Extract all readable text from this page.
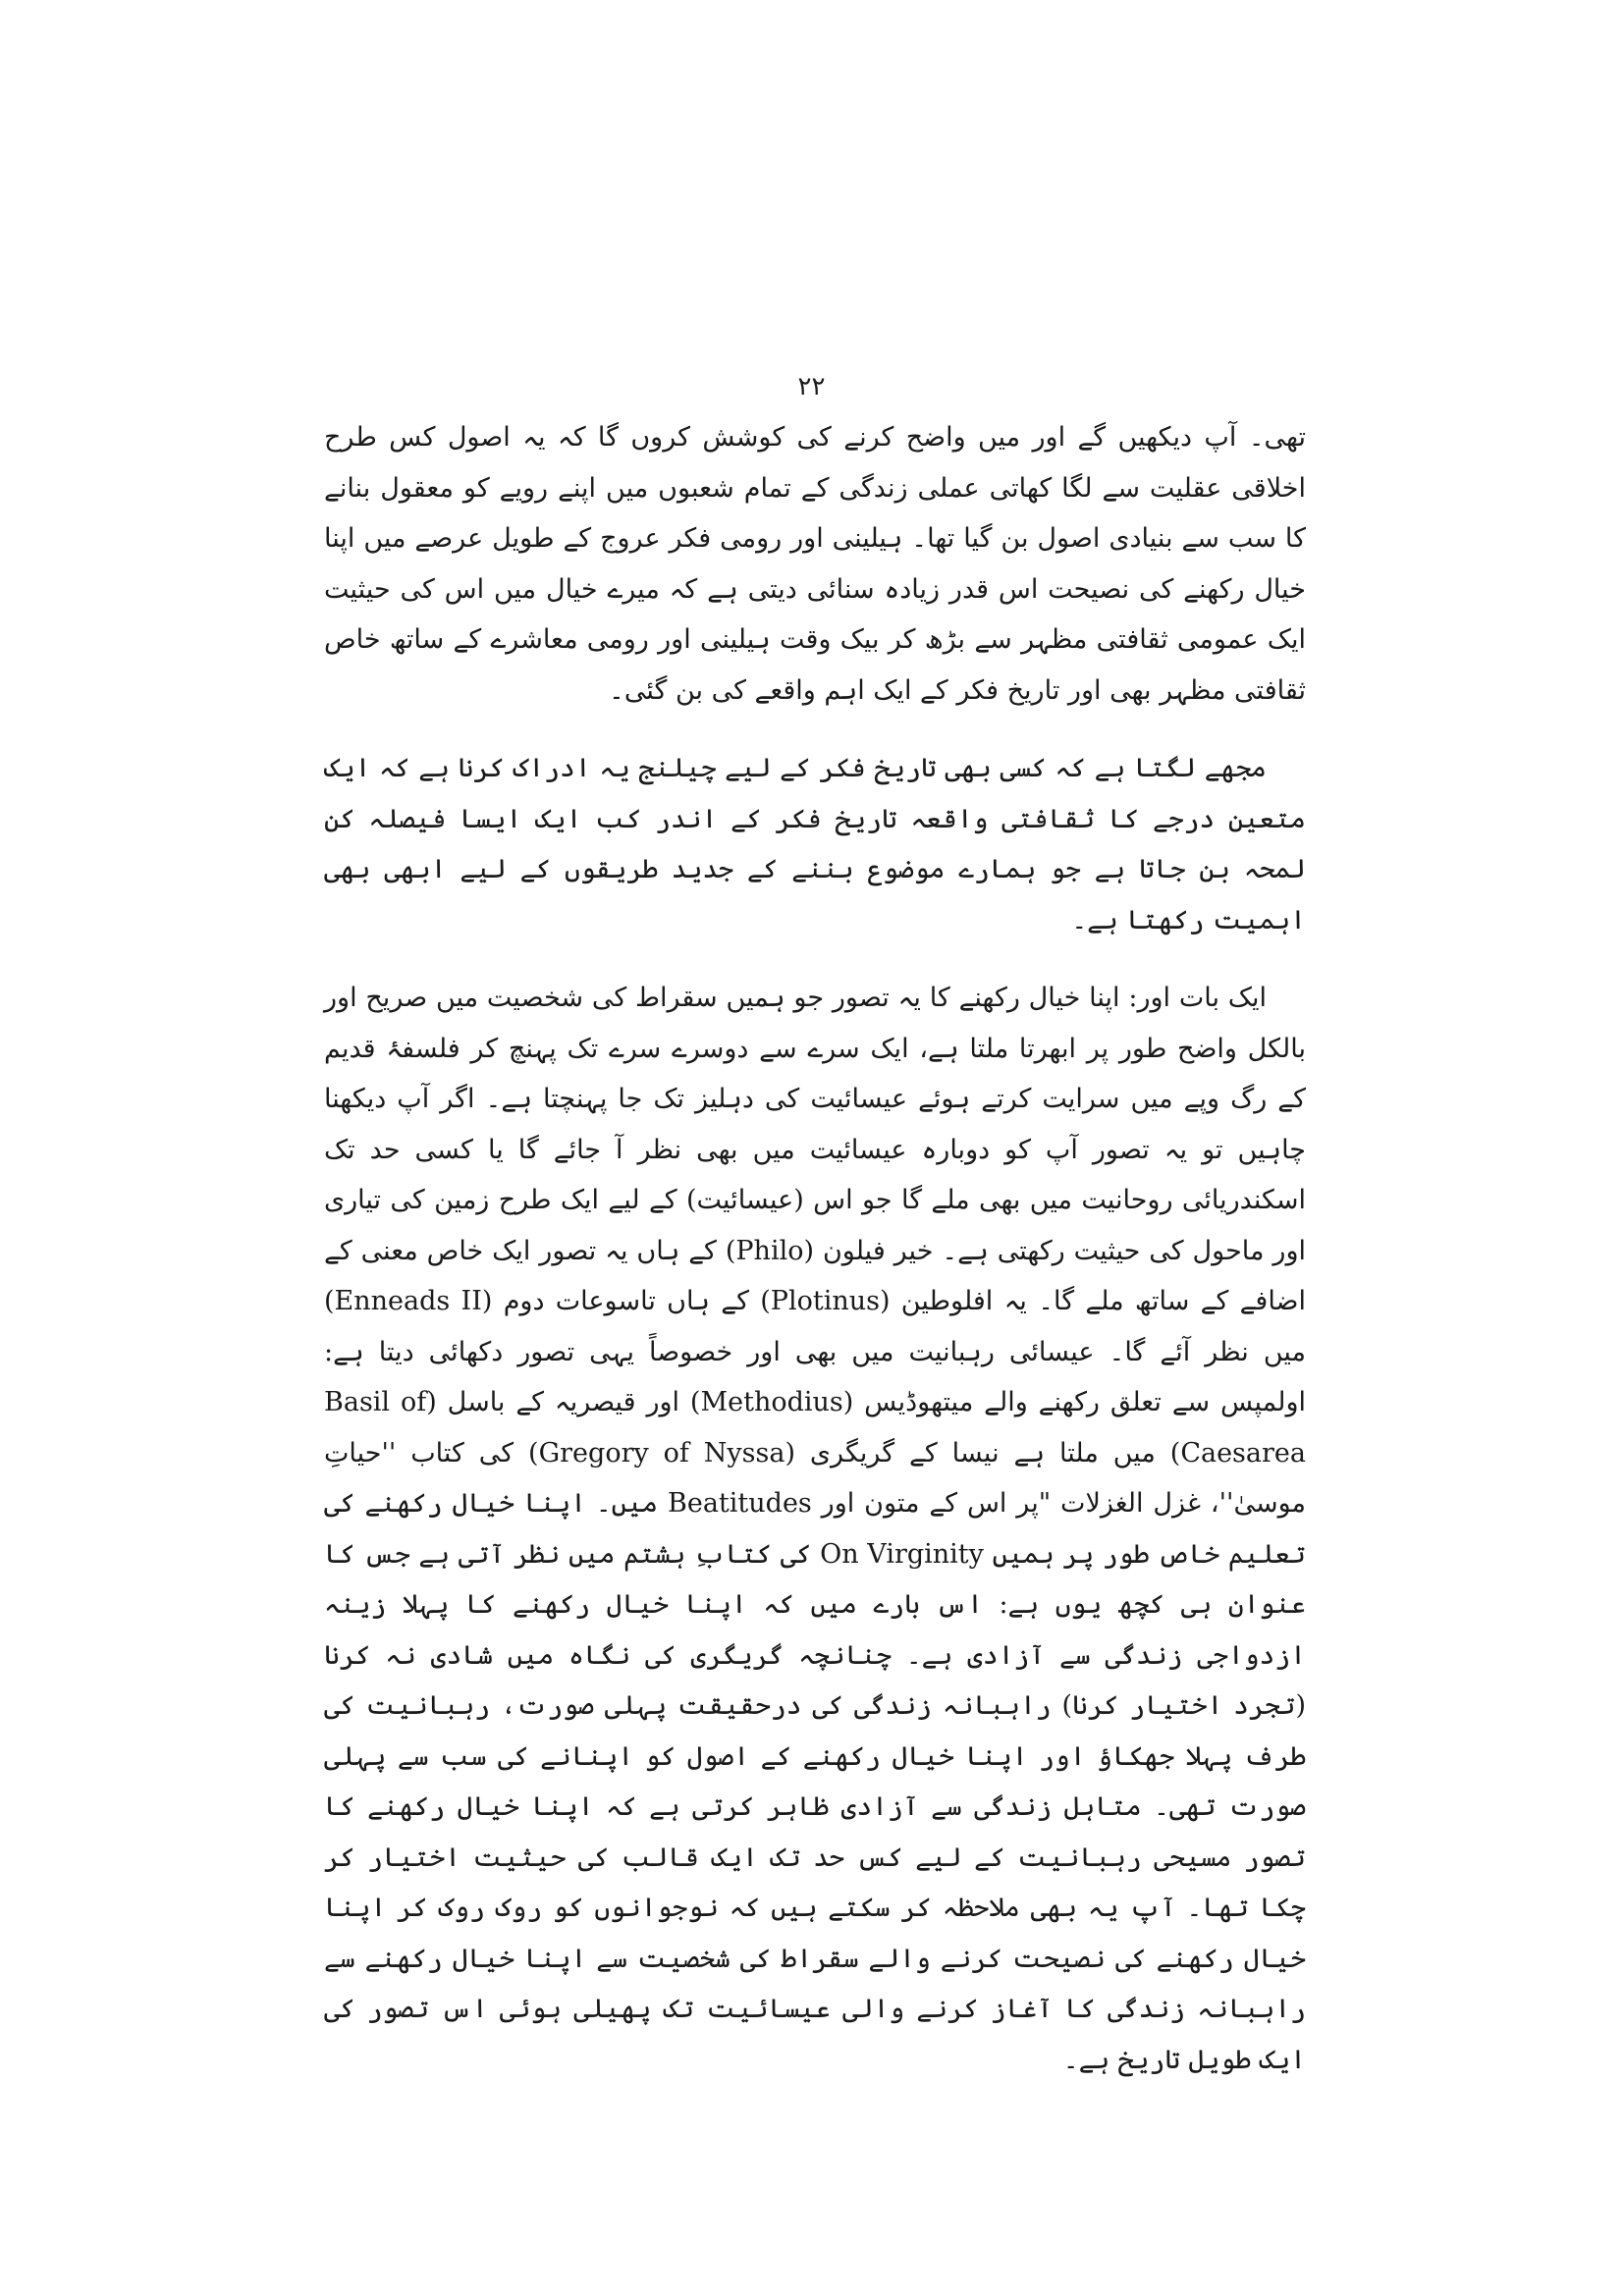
۲۲

تھی۔ آپ دیکھیں گے اور میں واضح کرنے کی کوشش کروں گا کہ یہ اصول کس طرح اخلاقی عقلیت سے لگا کھاتی عملی زندگی کے تمام شعبوں میں اپنے رویے کو معقول بنانے کا سب سے بنیادی اصول بن گیا تھا۔ ہیلینی اور رومی فکر عروج کے طویل عرصے میں اپنا خیال رکھنے کی نصیحت اس قدر زیادہ سنائی دیتی ہے کہ میرے خیال میں اس کی حیثیت ایک عمومی ثقافتی مظہر سے بڑھ کر بیک وقت ہیلینی اور رومی معاشرے کے ساتھ خاص ثقافتی مظہر بھی اور تاریخ فکر کے ایک اہم واقعے کی بن گئی۔

مجھے لگتا ہے کہ کسی بھی تاریخ فکر کے لیے چیلنج یہ ادراک کرنا ہے کہ ایک متعین درجے کا ثقافتی واقعہ تاریخ فکر کے اندر کب ایک ایسا فیصلہ کن لمحہ بن جاتا ہے جو ہمارے موضوع بننے کے جدید طریقوں کے لیے ابھی بھی اہمیت رکھتا ہے۔

ایک بات اور: اپنا خیال رکھنے کا یہ تصور جو ہمیں سقراط کی شخصیت میں صریح اور بالکل واضح طور پر ابھرتا ملتا ہے، ایک سرے سے دوسرے سرے تک پہنچ کر فلسفۂ قدیم کے رگ وپے میں سرایت کرتے ہوئے عیسائیت کی دہلیز تک جا پہنچتا ہے۔ اگر آپ دیکھنا چاہیں تو یہ تصور آپ کو دوبارہ عیسائیت میں بھی نظر آ جائے گا یا کسی حد تک اسکندریائی روحانیت میں بھی ملے گا جو اس (عیسائیت) کے لیے ایک طرح زمین کی تیاری اور ماحول کی حیثیت رکھتی ہے۔ خیر فیلون (Philo) کے ہاں یہ تصور ایک خاص معنی کے اضافے کے ساتھ ملے گا۔ یہ افلوطین (Plotinus) کے ہاں تاسوعات دوم (Enneads II) میں نظر آئے گا۔ عیسائی رہبانیت میں بھی اور خصوصاً یہی تصور دکھائی دیتا ہے: اولمپس سے تعلق رکھنے والے میتھوڈیس (Methodius) اور قیصریہ کے باسل (Basil of Caesarea) میں ملتا ہے نیسا کے گریگری (Gregory of Nyssa) کی کتاب ''حیاتِ موسیٰ''، غزل الغزلات "پر اس کے متون اور Beatitudes میں۔ اپنا خیال رکھنے کی تعلیم خاص طور پر ہمیں On Virginity کی کتابِ ہشتم میں نظر آتی ہے جس کا عنوان ہی کچھ یوں ہے: اس بارے میں کہ اپنا خیال رکھنے کا پہلا زینہ ازدواجی زندگی سے آزادی ہے۔ چنانچہ گریگری کی نگاہ میں شادی نہ کرنا (تجرد اختیار کرنا) راہبانہ زندگی کی درحقیقت پہلی صورت، رہبانیت کی طرف پہلا جھکاؤ اور اپنا خیال رکھنے کے اصول کو اپنانے کی سب سے پہلی صورت تھی۔ متاہل زندگی سے آزادی ظاہر کرتی ہے کہ اپنا خیال رکھنے کا تصور مسیحی رہبانیت کے لیے کس حد تک ایک قالب کی حیثیت اختیار کر چکا تھا۔ آپ یہ بھی ملاحظہ کر سکتے ہیں کہ نوجوانوں کو روک روک کر اپنا خیال رکھنے کی نصیحت کرنے والے سقراط کی شخصیت سے اپنا خیال رکھنے سے راہبانہ زندگی کا آغاز کرنے والی عیسائیت تک پھیلی ہوئی اس تصور کی ایک طویل تاریخ ہے۔
